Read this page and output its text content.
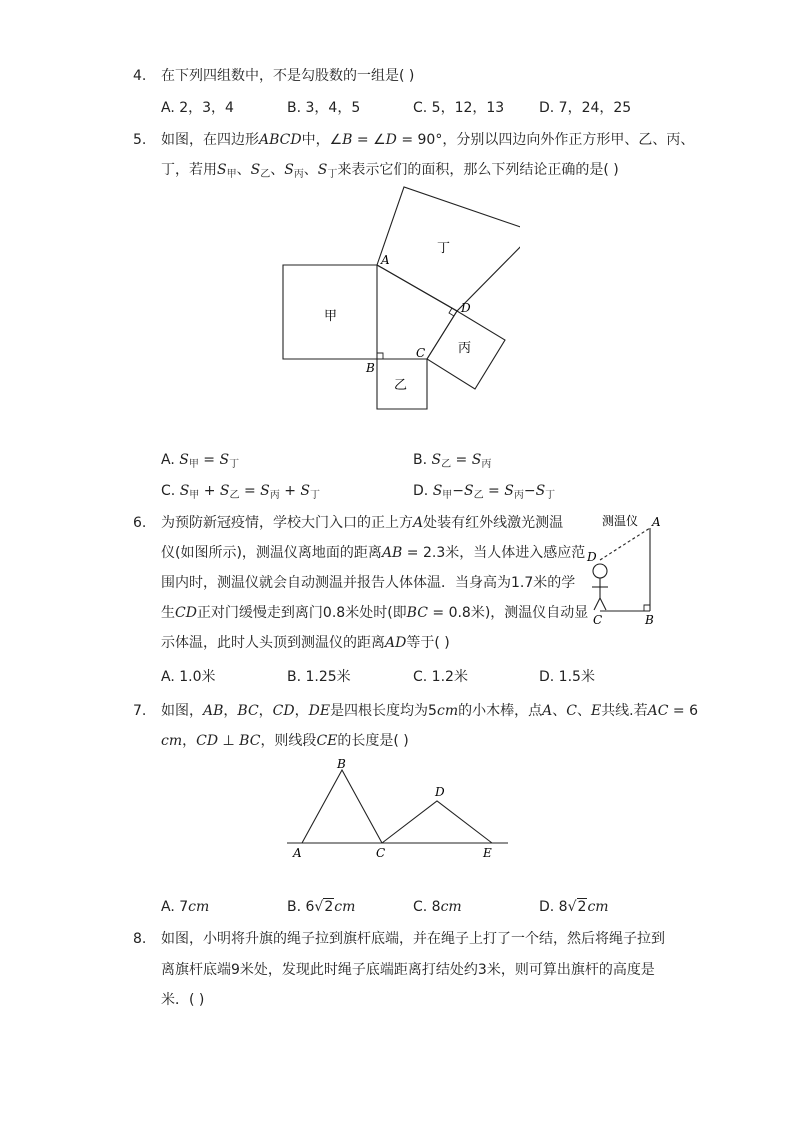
4. 在下列四组数中，不是勾股数的一组是( )
A. 2，3，4	B. 3，4，5	C. 5，12，13 D. 7，24，25
5. 如图，在四边形ABCD中，∠B = ∠D = 90°，分别以四边向外作正方形甲、乙、丙、
丁，若用$S_甲$、$S_乙$、$S_丙$、$S_丁$来表示它们的面积，那么下列结论正确的是( )
甲
乙
丙
丁
A
B
C
D
A. $S_甲 = S_丁$	B. $S_乙 = S_丙$
C. $S_甲 + S_乙 = S_丙 + S_丁$	D. $S_甲-S_乙 = S_丙-S_丁$
6. 为预防新冠疫情，学校大门入口的正上方A处装有红外线激光测温
仪(如图所示)，测温仪离地面的距离AB = 2.3米，当人体进入感应范
围内时，测温仪就会自动测温并报告人体体温．当身高为1.7米的学
生CD正对门缓慢走到离门0.8米处时(即BC = 0.8米)，测温仪自动显
示体温，此时人头顶到测温仪的距离AD等于( )
测温仪 A
B
C
D
A. 1.0米	B. 1.25米	C. 1.2米	D. 1.5米
7. 如图，AB，BC，CD，DE是四根长度均为5cm的小木棒，点A、C、E共线.若AC = 6
cm，CD ⊥ BC，则线段CE的长度是( )
B
D
A	C	E
A. 7cm	B. 6√2cm	C. 8cm	D. 8√2cm
8. 如图，小明将升旗的绳子拉到旗杆底端，并在绳子上打了一个结，然后将绳子拉到
离旗杆底端9米处，发现此时绳子底端距离打结处约3米，则可算出旗杆的高度是
米．( )
